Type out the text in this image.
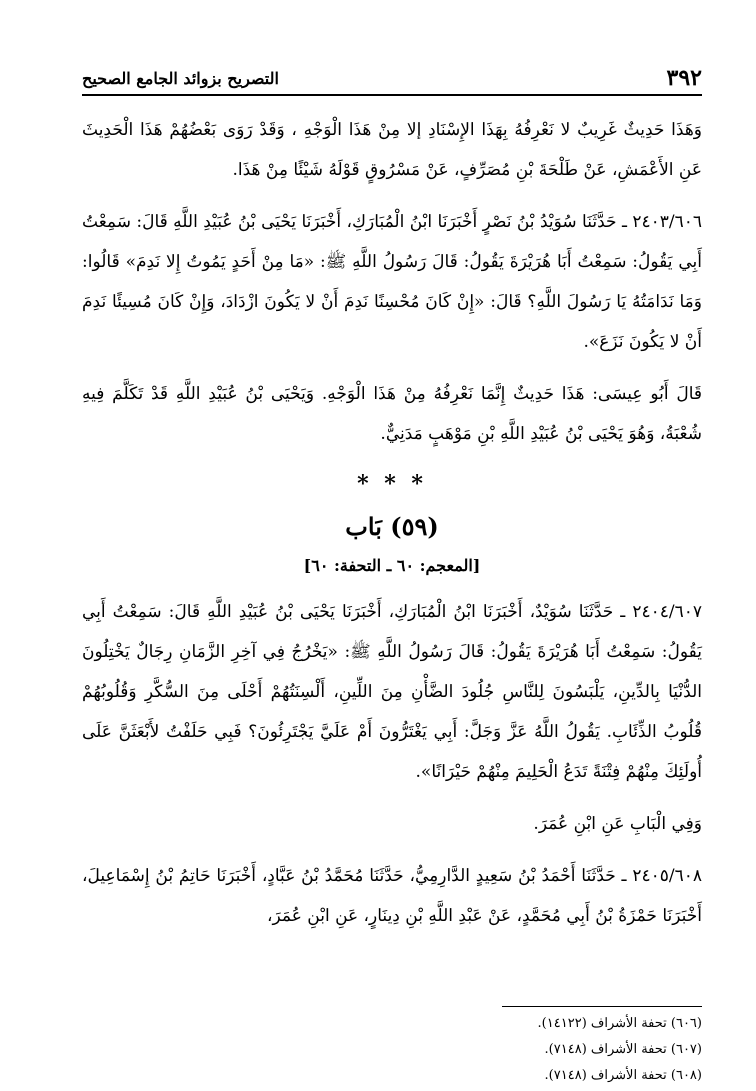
٣٩٢
التصريح بزوائد الجامع الصحيح

وَهَذَا حَدِيثٌ غَرِيبٌ لا نَعْرِفُهُ بِهَذَا الإِسْنَادِ إلا مِنْ هَذَا الْوَجْهِ ، وَقَدْ رَوَى بَعْضُهُمْ هَذَا الْحَدِيثَ عَنِ الأَعْمَشِ، عَنْ طَلْحَةَ بْنِ مُصَرِّفٍ، عَنْ مَسْرُوقٍ قَوْلَهُ شَيْئًا مِنْ هَذَا.

٢٤٠٣/٦٠٦ ـ حَدَّثَنَا سُوَيْدُ بْنُ نَصْرٍ أَخْبَرَنَا ابْنُ الْمُبَارَكِ، أَخْبَرَنَا يَحْيَى بْنُ عُبَيْدِ اللَّهِ قَالَ: سَمِعْتُ أَبِي يَقُولُ: سَمِعْتُ أَبَا هُرَيْرَةَ يَقُولُ: قَالَ رَسُولُ اللَّهِ ﷺ: «مَا مِنْ أَحَدٍ يَمُوتُ إِلا نَدِمَ» قَالُوا: وَمَا نَدَامَتُهُ يَا رَسُولَ اللَّهِ؟ قَالَ: «إِنْ كَانَ مُحْسِنًا نَدِمَ أَنْ لا يَكُونَ ازْدَادَ، وَإِنْ كَانَ مُسِيئًا نَدِمَ أَنْ لا يَكُونَ نَزَعَ».

قَالَ أَبُو عِيسَى: هَذَا حَدِيثٌ إِنَّمَا نَعْرِفُهُ مِنْ هَذَا الْوَجْهِ. وَيَحْيَى بْنُ عُبَيْدِ اللَّهِ قَدْ تَكَلَّمَ فِيهِ شُعْبَةُ، وَهُوَ يَحْيَى بْنُ عُبَيْدِ اللَّهِ بْنِ مَوْهَبٍ مَدَنِيٌّ.

* * *
(٥٩) بَاب
[المعجم: ٦٠ ـ التحفة: ٦٠]

٢٤٠٤/٦٠٧ ـ حَدَّثَنَا سُوَيْدٌ، أَخْبَرَنَا ابْنُ الْمُبَارَكِ، أَخْبَرَنَا يَحْيَى بْنُ عُبَيْدِ اللَّهِ قَالَ: سَمِعْتُ أَبِي يَقُولُ: سَمِعْتُ أَبَا هُرَيْرَةَ يَقُولُ: قَالَ رَسُولُ اللَّهِ ﷺ: «يَخْرُجُ فِي آخِرِ الزَّمَانِ رِجَالٌ يَخْتِلُونَ الدُّنْيَا بِالدِّينِ، يَلْبَسُونَ لِلنَّاسِ جُلُودَ الضَّأْنِ مِنَ اللِّينِ، أَلْسِنَتُهُمْ أَحْلَى مِنَ السُّكَّرِ وَقُلُوبُهُمْ قُلُوبُ الذِّئَابِ. يَقُولُ اللَّهُ عَزَّ وَجَلَّ: أَبِي يَغْتَرُّونَ أَمْ عَلَيَّ يَجْتَرِئُونَ؟ فَبِي حَلَفْتُ لأَبْعَثَنَّ عَلَى أُولَئِكَ مِنْهُمْ فِتْنَةً تَدَعُ الْحَلِيمَ مِنْهُمْ حَيْرَانًا».

وَفِي الْبَابِ عَنِ ابْنِ عُمَرَ.

٢٤٠٥/٦٠٨ ـ حَدَّثَنَا أَحْمَدُ بْنُ سَعِيدٍ الدَّارِمِيُّ، حَدَّثَنَا مُحَمَّدُ بْنُ عَبَّادٍ، أَخْبَرَنَا حَاتِمُ بْنُ إِسْمَاعِيلَ، أَخْبَرَنَا حَمْزَةُ بْنُ أَبِي مُحَمَّدٍ، عَنْ عَبْدِ اللَّهِ بْنِ دِينَارٍ، عَنِ ابْنِ عُمَرَ،

(٦٠٦) تحفة الأشراف (١٤١٢٢).
(٦٠٧) تحفة الأشراف (٧١٤٨).
(٦٠٨) تحفة الأشراف (٧١٤٨).
